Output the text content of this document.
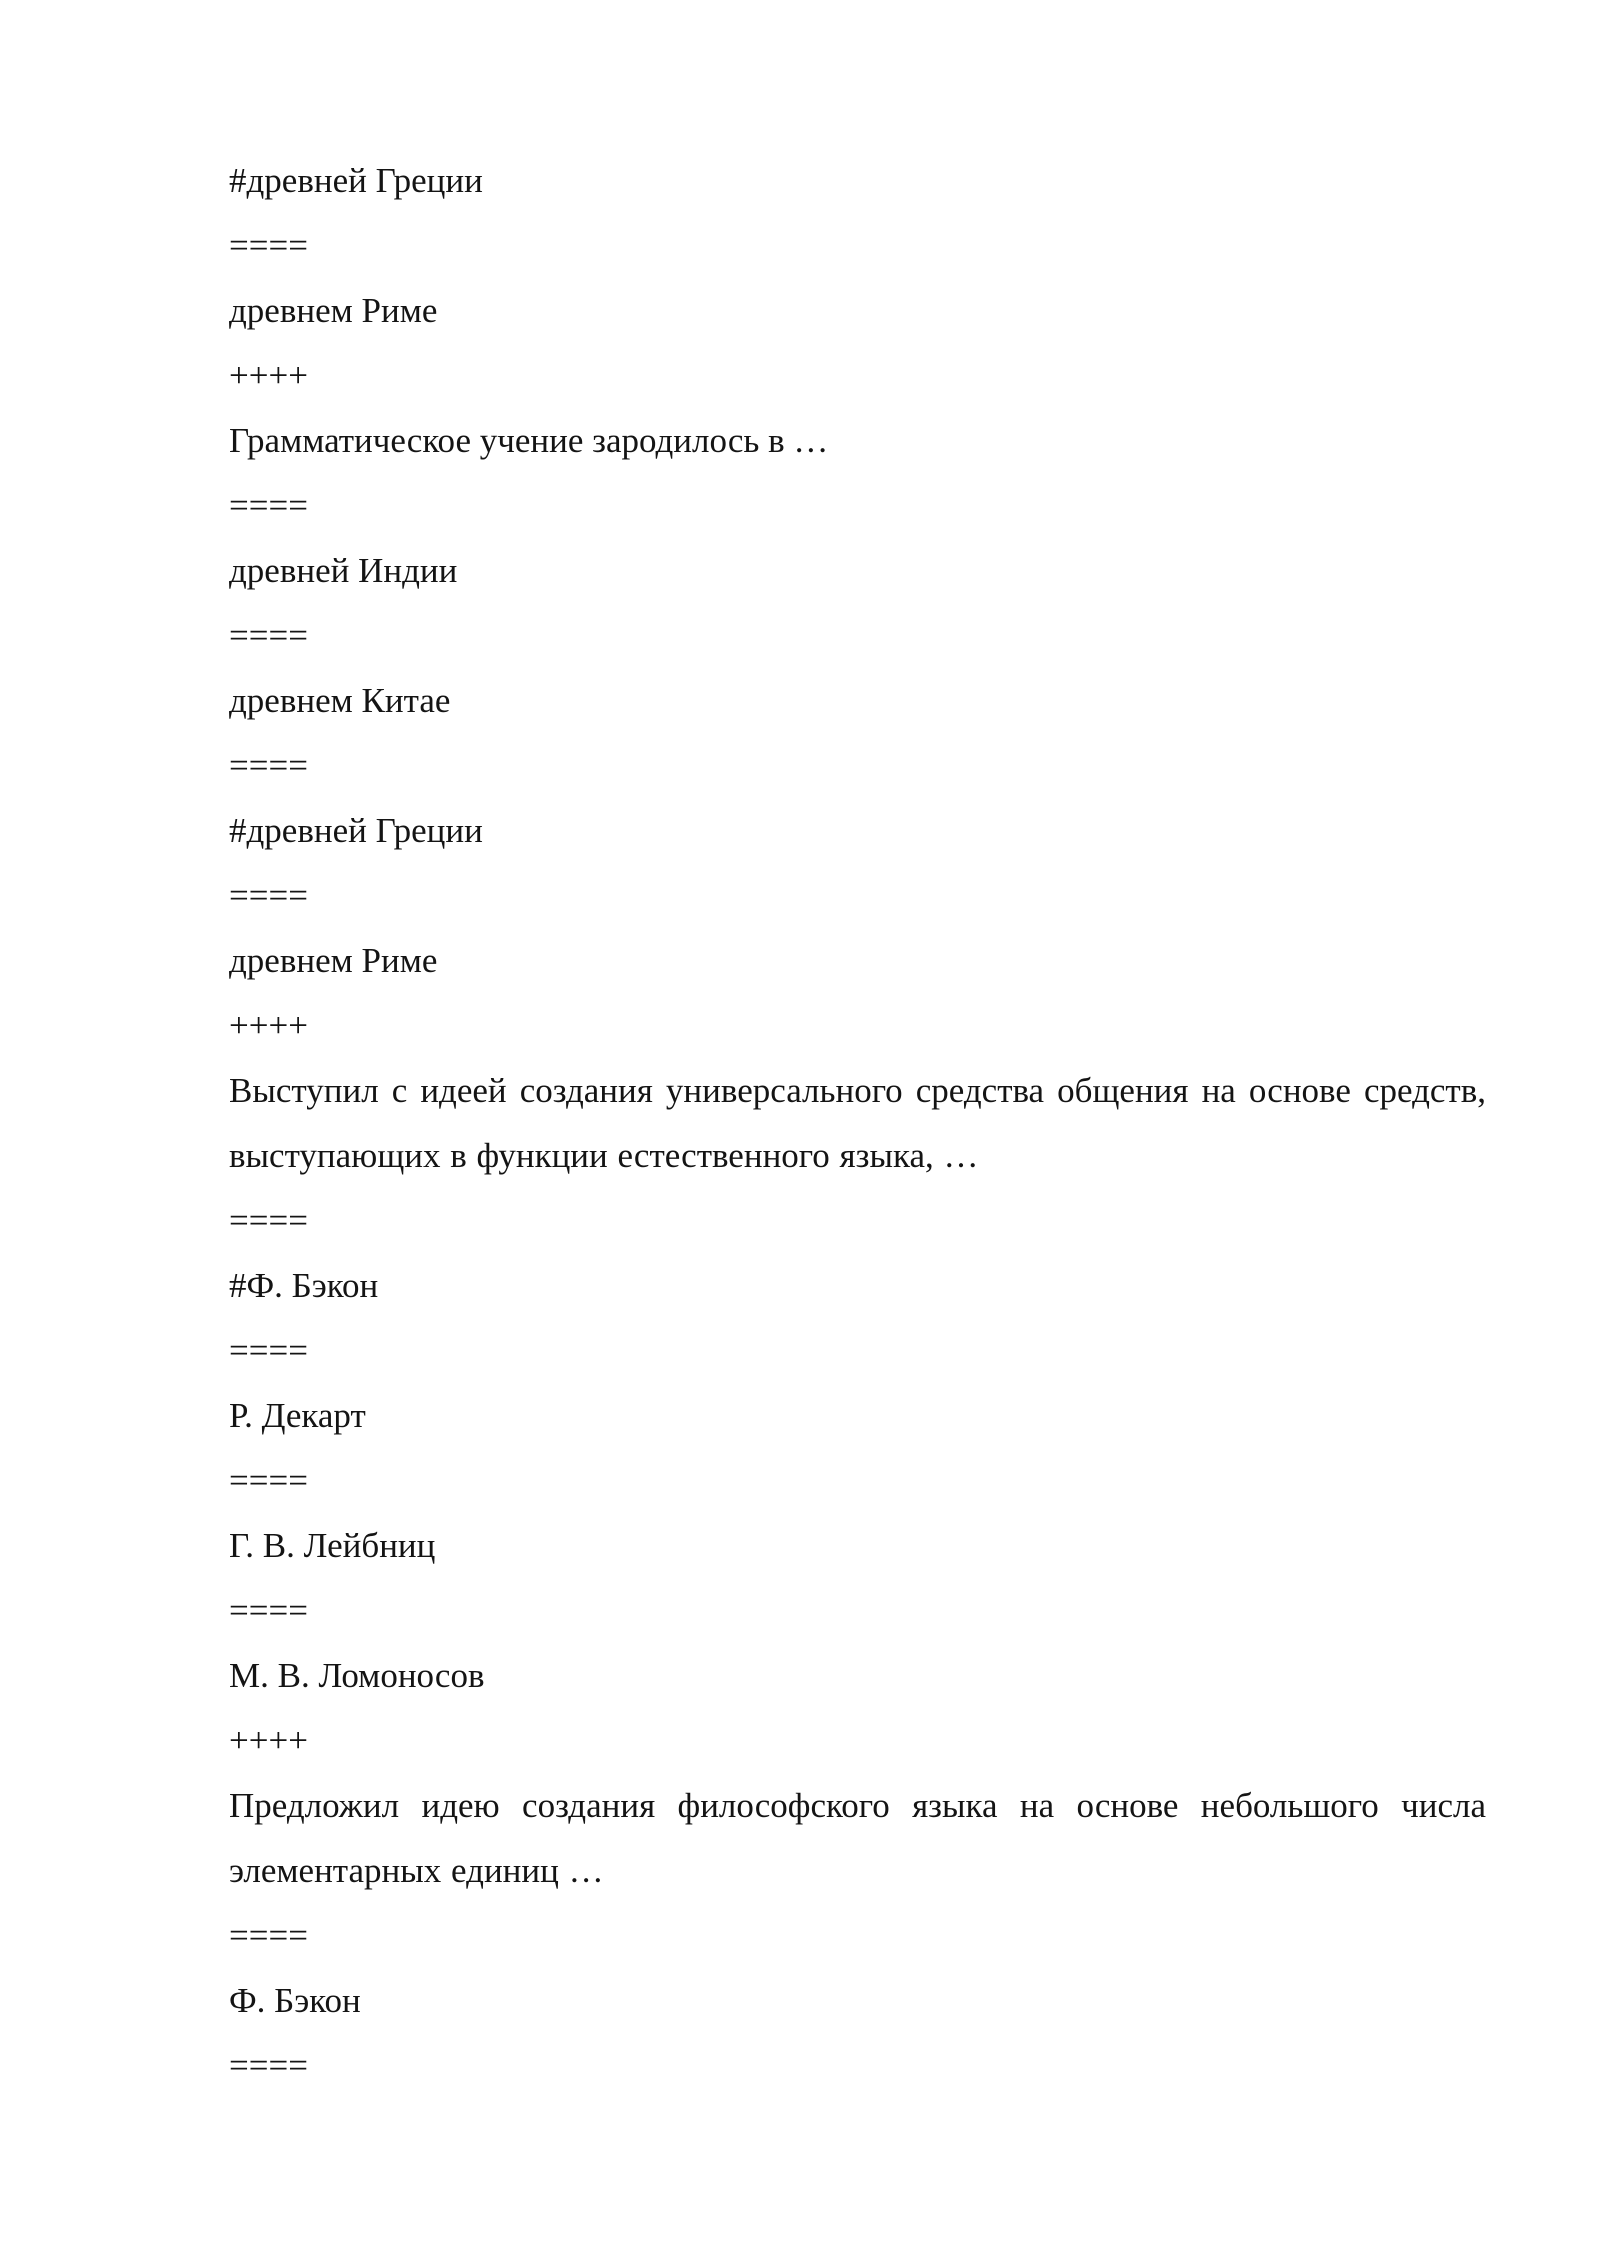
#древней Греции
====
древнем Риме
++++
Грамматическое учение зародилось в …
====
древней Индии
====
древнем Китае
====
#древней Греции
====
древнем Риме
++++
Выступил с идеей создания универсального средства общения на основе средств, выступающих в функции естественного языка, …
====
#Ф. Бэкон
====
Р. Декарт
====
Г. В. Лейбниц
====
М. В. Ломоносов
++++
Предложил идею создания философского языка на основе небольшого числа элементарных единиц …
====
Ф. Бэкон
====
